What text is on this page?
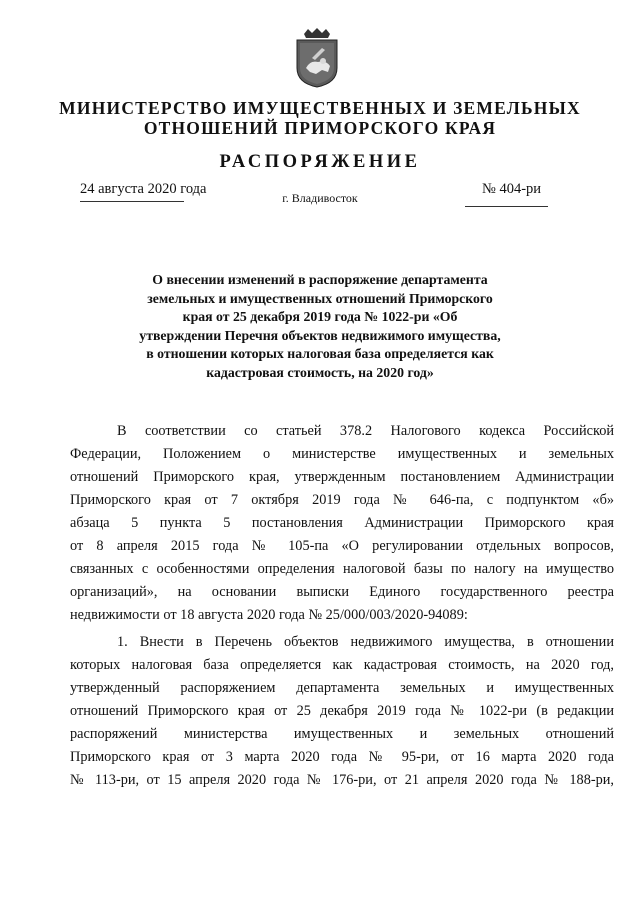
МИНИСТЕРСТВО ИМУЩЕСТВЕННЫХ И ЗЕМЕЛЬНЫХ
ОТНОШЕНИЙ ПРИМОРСКОГО КРАЯ
РАСПОРЯЖЕНИЕ
24 августа 2020 года
г. Владивосток
№ 404-ри
О внесении изменений в распоряжение департамента
земельных и имущественных отношений Приморского
края от 25 декабря 2019 года № 1022-ри «Об
утверждении Перечня объектов недвижимого имущества,
в отношении которых налоговая база определяется как
кадастровая стоимость, на 2020 год»
В соответствии со статьей 378.2 Налогового кодекса Российской
Федерации, Положением о министерстве имущественных и земельных
отношений Приморского края, утвержденным постановлением Администрации
Приморского края от 7 октября 2019 года № 646-па, с подпунктом «б»
абзаца 5 пункта 5 постановления Администрации Приморского края
от 8 апреля 2015 года № 105-па «О регулировании отдельных вопросов,
связанных с особенностями определения налоговой базы по налогу на имущество
организаций», на основании выписки Единого государственного реестра
недвижимости от 18 августа 2020 года № 25/000/003/2020-94089:
1. Внести в Перечень объектов недвижимого имущества, в отношении
которых налоговая база определяется как кадастровая стоимость, на 2020 год,
утвержденный распоряжением департамента земельных и имущественных
отношений Приморского края от 25 декабря 2019 года № 1022-ри (в редакции
распоряжений министерства имущественных и земельных отношений
Приморского края от 3 марта 2020 года № 95-ри, от 16 марта 2020 года
№ 113-ри, от 15 апреля 2020 года № 176-ри, от 21 апреля 2020 года № 188-ри,
